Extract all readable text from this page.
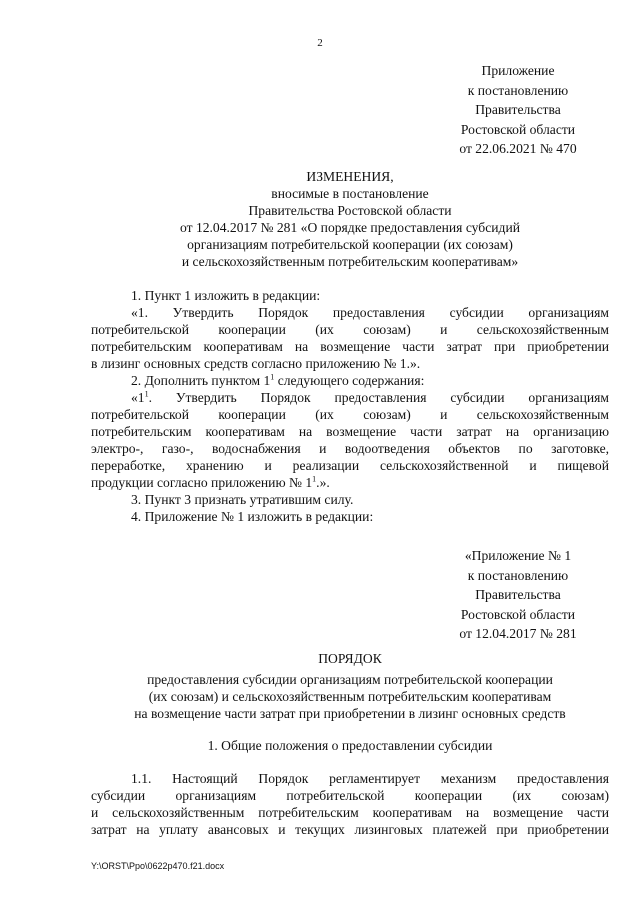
2
Приложение
к постановлению
Правительства
Ростовской области
от 22.06.2021 № 470
ИЗМЕНЕНИЯ,
вносимые в постановление
Правительства Ростовской области
от 12.04.2017 № 281 «О порядке предоставления субсидий
организациям потребительской кооперации (их союзам)
и сельскохозяйственным потребительским кооперативам»

1. Пункт 1 изложить в редакции:

«1. Утвердить Порядок предоставления субсидии организациям

потребительской кооперации (их союзам) и сельскохозяйственным

потребительским кооперативам на возмещение части затрат при приобретении

в лизинг основных средств согласно приложению № 1.».

2. Дополнить пунктом $1^1$ следующего содержания:

«$1^1$. Утвердить Порядок предоставления субсидии организациям

потребительской кооперации (их союзам) и сельскохозяйственным

потребительским кооперативам на возмещение части затрат на организацию

электро-, газо-, водоснабжения и водоотведения объектов по заготовке,

переработке, хранению и реализации сельскохозяйственной и пищевой

продукции согласно приложению № $1^1$.».

3. Пункт 3 признать утратившим силу.

4. Приложение № 1 изложить в редакции:

«Приложение № 1
к постановлению
Правительства
Ростовской области
от 12.04.2017 № 281
ПОРЯДОК
предоставления субсидии организациям потребительской кооперации
(их союзам) и сельскохозяйственным потребительским кооперативам
на возмещение части затрат при приобретении в лизинг основных средств
1. Общие положения о предоставлении субсидии

1.1. Настоящий Порядок регламентирует механизм предоставления

субсидии организациям потребительской кооперации (их союзам)

и сельскохозяйственным потребительским кооперативам на возмещение части

затрат на уплату авансовых и текущих лизинговых платежей при приобретении

Y:\ORST\Ppo\0622p470.f21.docx
